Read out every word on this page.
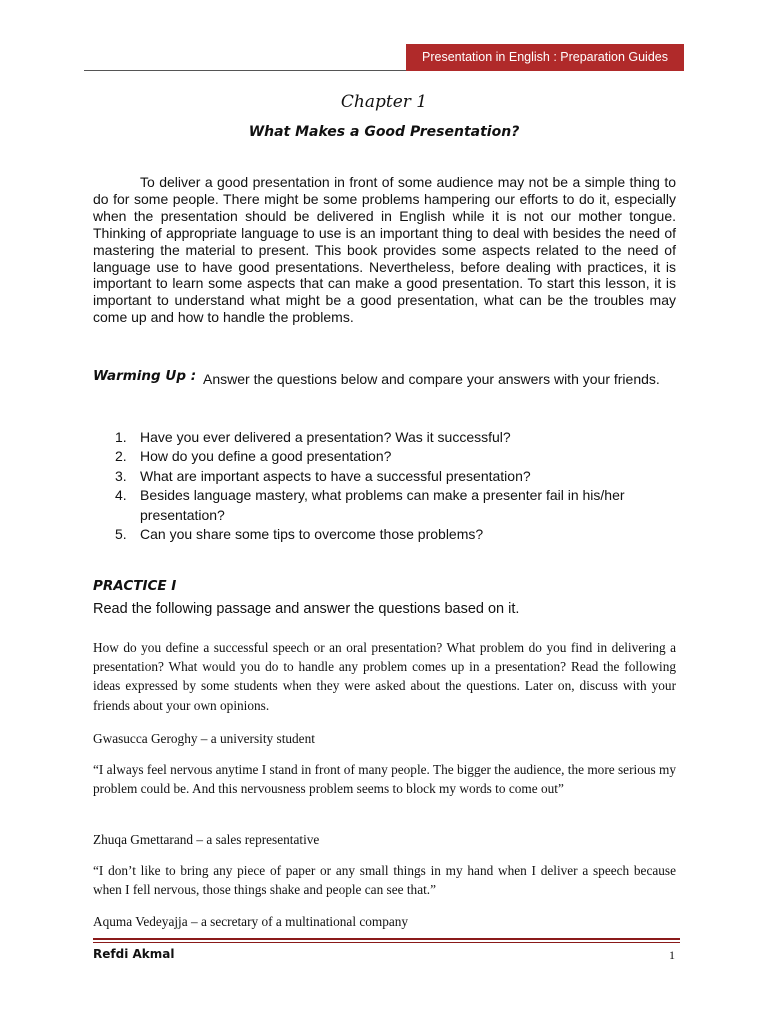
Presentation in English : Preparation Guides
Chapter 1
What Makes a Good Presentation?

To deliver a good presentation in front of some audience may not be a simple thing to do for some people. There might be some problems hampering our efforts to do it, especially when the presentation should be delivered in English while it is not our mother tongue. Thinking of appropriate language to use is an important thing to deal with besides the need of mastering the material to present. This book provides some aspects related to the need of language use to have good presentations. Nevertheless, before dealing with practices, it is important to learn some aspects that can make a good presentation. To start this lesson, it is important to understand what might be a good presentation, what can be the troubles may come up and how to handle the problems.

Warming Up : Answer the questions below and compare your answers with your friends.

1. Have you ever delivered a presentation? Was it successful?
2. How do you define a good presentation?
3. What are important aspects to have a successful presentation?
4. Besides language mastery, what problems can make a presenter fail in his/her presentation?
5. Can you share some tips to overcome those problems?
PRACTICE I

Read the following passage and answer the questions based on it.

How do you define a successful speech or an oral presentation? What problem do you find in delivering a presentation? What would you do to handle any problem comes up in a presentation? Read the following ideas expressed by some students when they were asked about the questions. Later on, discuss with your friends about your own opinions.

Gwasucca Geroghy – a university student

“I always feel nervous anytime I stand in front of many people. The bigger the audience, the more serious my problem could be. And this nervousness problem seems to block my words to come out”

Zhuqa Gmettarand – a sales representative

“I don’t like to bring any piece of paper or any small things in my hand when I deliver a speech because when I fell nervous, those things shake and people can see that.”

Aquma Vedeyajja – a secretary of a multinational company

Refdi Akmal	1
